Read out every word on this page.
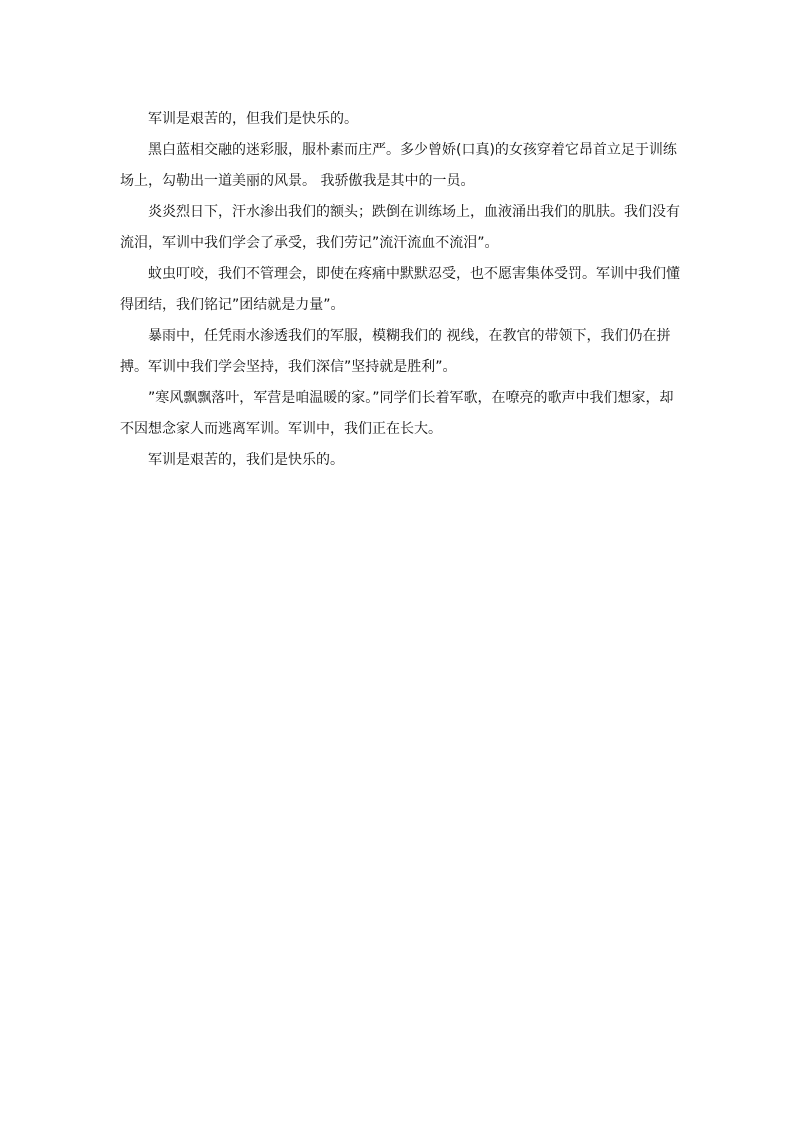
军训是艰苦的，但我们是快乐的。

黑白蓝相交融的迷彩服，服朴素而庄严。多少曾娇(口真)的女孩穿着它昂首立足于训练场上，勾勒出一道美丽的风景。 我骄傲我是其中的一员。

炎炎烈日下，汗水渗出我们的额头；跌倒在训练场上，血液涌出我们的肌肤。我们没有流泪，军训中我们学会了承受，我们劳记”流汗流血不流泪”。

蚊虫叮咬，我们不管理会，即使在疼痛中默默忍受，也不愿害集体受罚。军训中我们懂得团结，我们铭记”团结就是力量”。

暴雨中，任凭雨水渗透我们的军服，模糊我们的 视线，在教官的带领下，我们仍在拼搏。军训中我们学会坚持，我们深信”坚持就是胜利”。

”寒风飘飘落叶，军营是咱温暖的家。”同学们长着军歌，在嘹亮的歌声中我们想家，却不因想念家人而逃离军训。军训中，我们正在长大。

军训是艰苦的，我们是快乐的。
